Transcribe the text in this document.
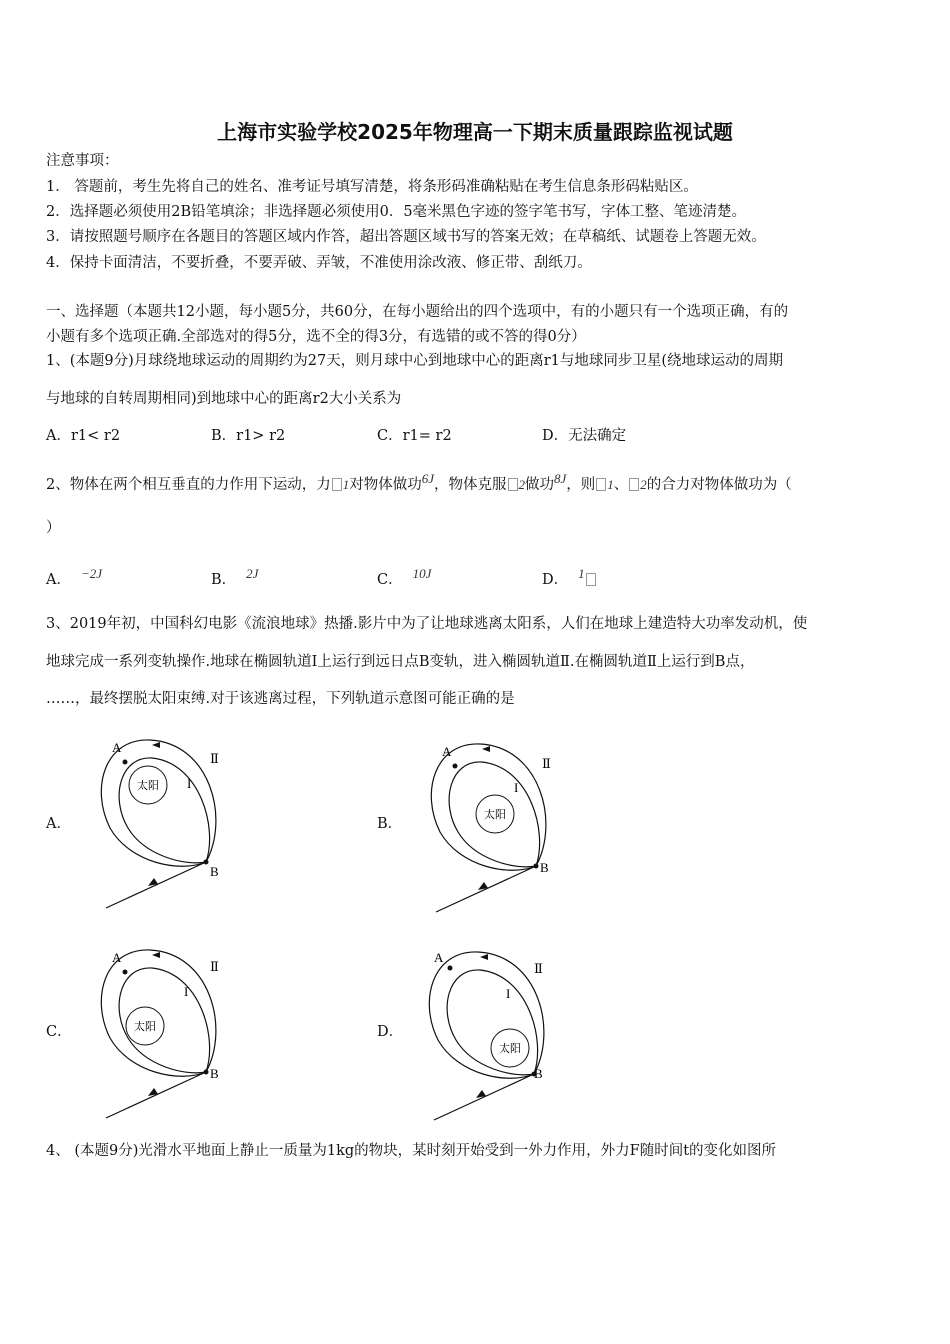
上海市实验学校2025年物理高一下期末质量跟踪监视试题
注意事项：
1． 答题前，考生先将自己的姓名、准考证号填写清楚，将条形码准确粘贴在考生信息条形码粘贴区。
2．选择题必须使用2B铅笔填涂；非选择题必须使用0．5毫米黑色字迹的签字笔书写，字体工整、笔迹清楚。
3．请按照题号顺序在各题目的答题区域内作答，超出答题区域书写的答案无效；在草稿纸、试题卷上答题无效。
4．保持卡面清洁，不要折叠，不要弄破、弄皱，不准使用涂改液、修正带、刮纸刀。
一、选择题（本题共12小题，每小题5分，共60分，在每小题给出的四个选项中，有的小题只有一个选项正确，有的
小题有多个选项正确.全部选对的得5分，选不全的得3分，有选错的或不答的得0分）
1、(本题9分)月球绕地球运动的周期约为27天，则月球中心到地球中心的距离r1与地球同步卫星(绕地球运动的周期
与地球的自转周期相同)到地球中心的距离r2大小关系为
A．r1< r2	B．r1> r2	C．r1= r2	D．无法确定
2、物体在两个相互垂直的力作用下运动，力 1对物体做功$^{6J}$，物体克服 2做功$^{8J}$，则 1、 2的合力对物体做功为（
）
A． $^{-2J}$	B． $^{2J}$	C． $^{10J}$	D． $^1$
3、2019年初，中国科幻电影《流浪地球》热播.影片中为了让地球逃离太阳系，人们在地球上建造特大功率发动机，使
地球完成一系列变轨操作.地球在椭圆轨道Ⅰ上运行到远日点B变轨，进入椭圆轨道Ⅱ.在椭圆轨道Ⅱ上运行到B点，
……，最终摆脱太阳束缚.对于该逃离过程，下列轨道示意图可能正确的是
A．	B．
C．	D．
太阳
A
B
I
Ⅱ
太阳
A
B
I
Ⅱ
太阳
A
B
I
Ⅱ
太阳
A
B
I
Ⅱ
4、 (本题9分)光滑水平地面上静止一质量为1kg的物块，某时刻开始受到一外力作用，外力F随时间t的变化如图所
